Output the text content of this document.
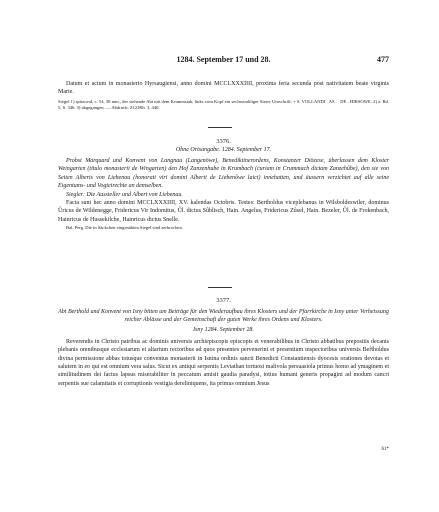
1284. September 17 und 28.	477

Datum et actum in monasterio Hyrsaugiensi, anno domini MCCLXXXIIII, proxima feria secunda post nativitatem beate virginis Marie.

Siegel 1) spitzoval, c. 54, 38 mm., der stehende Abt mit dem Krummstab, links vom Kopf ein sechsstrahliger Stern; Umschrift: + S. VOLLANDI . AS . . DE . HIRSOWE. 2) a. Bd. 5, S. 346. 3) abgegangen. — Abdruck: ZGORh. 3, 440.

3376.

Ohne Ortsangabe. 1284. September 17.

Probst Marquard und Konvent von Langnau (Langenöwe), Benediktinerordens, Konstanzer Diözese, überlassen dem Kloster Weingarten (titulo monasterii de Wingarten) den Hof Zanzenhube in Krumbach (curiam in Crummach dictam Zanzehûbe), den sie von Seiten Alberts von Liebenau (honorati viri domini Alberti de Liebenôwe laici) innehatten, und äussern verzichtet auf alle seine Eigentums- und Vogteirechte an demselben.

Siegler: Die Aussteller und Albert von Liebenau.

Facta sunt hec anno domini MCCLXXXIIII, XV. kalendas Octobris. Testes: Bertholdus viceplebanus in Wilsboldeswiler, dominus Ûricus de Wildenegge, Fridericus Vir Indomitus, Ûl. dictus Sûblisch, Hain. Angelus, Fridericus Zûsel, Hain. Bezeler, Ûl. de Frokenbach, Hainricus de Hussekilche, Hainricus dictus Snelle.

Bal. Perg. Die in Säckchen eingenähten Siegel sind zerbrochen.

3377.

Abt Berthold und Konvent von Isny bitten um Beiträge für den Wiederaufbau ihres Klosters und der Pfarrkirche in Isny unter Verheissung reicher Ablässe und der Gemeinschaft der guten Werke ihres Ordens und Klosters.

Isny 1284. September 28.

Reverendis in Christo patribus ac dominis universis archiepiscopis episcopis et venerabilibus in Christo abbatibus prepositis decanis plebanis omnibusque ecclesiarum et altarium rectoribus ad quos presentes pervenerint et presentium inspectoribus universis Ber̂tholdus divina permissione abbas totusque conventus monasterii in Isnina ordinis sancti Benedicti Constantiensis dyocesis orationes devotas et salutem in eo qui est omnium vera salus. Sicut ex antiqui serpentis Leviathan tortuosi malivola persuasiola primus homo ad ymaginem et similitudinem dei factus lapsus miserabiliter in peccatum amisit gaudia paradysi, totius humani generis propagini ad modum cancri serpentis sue calamitatis et corruptionis vestigia dereliniquens, ita primus omnium Jesus

61*
